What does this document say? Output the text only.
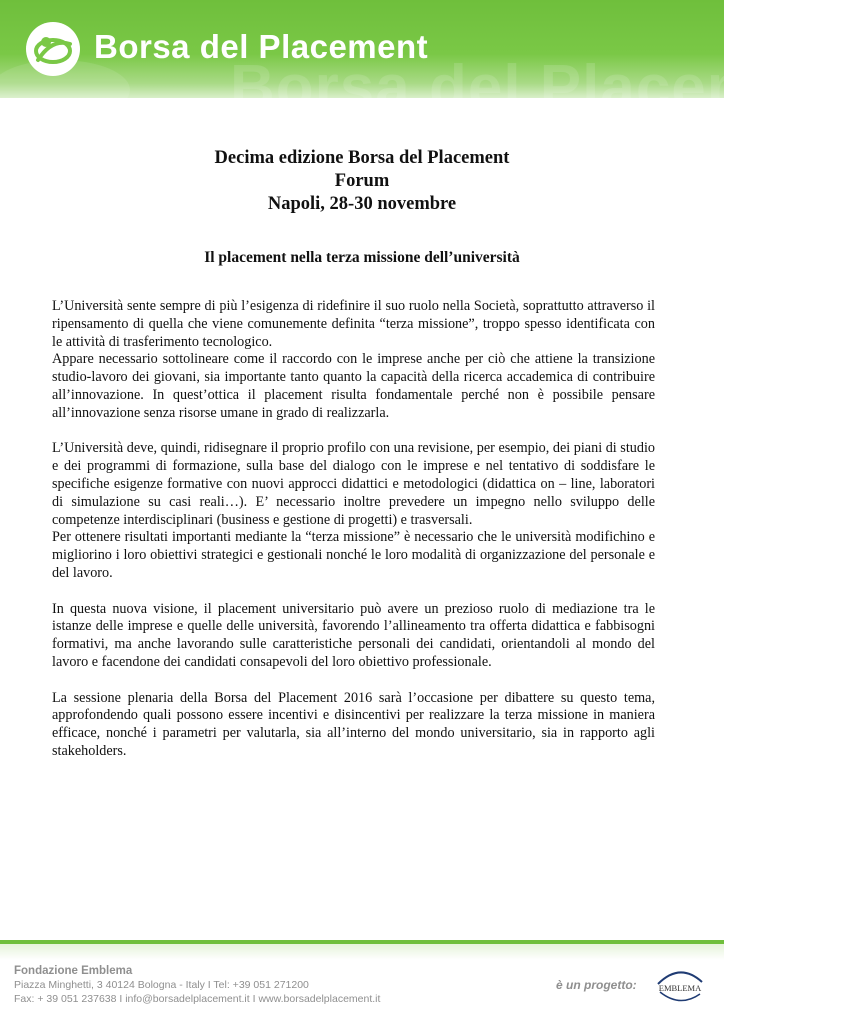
Borsa del Placement
Borsa del Placement
Decima edizione Borsa del Placement
Forum
Napoli, 28-30 novembre
Il placement nella terza missione dell’università

L’Università sente sempre di più l’esigenza di ridefinire il suo ruolo nella Società, soprattutto attraverso il ripensamento di quella che viene comunemente definita “terza missione”, troppo spesso identificata con le attività di trasferimento tecnologico.

Appare necessario sottolineare come il raccordo con le imprese anche per ciò che attiene la transizione studio-lavoro dei giovani, sia importante tanto quanto la capacità della ricerca accademica di contribuire all’innovazione. In quest’ottica il placement risulta fondamentale perché non è possibile pensare all’innovazione senza risorse umane in grado di realizzarla.

L’Università deve, quindi, ridisegnare il proprio profilo con una revisione, per esempio, dei piani di studio e dei programmi di formazione, sulla base del dialogo con le imprese e nel tentativo di soddisfare le specifiche esigenze formative con nuovi approcci didattici e metodologici (didattica on – line, laboratori di simulazione su casi reali…). E’ necessario inoltre prevedere un impegno nello sviluppo delle competenze interdisciplinari (business e gestione di progetti) e trasversali.

Per ottenere risultati importanti mediante la “terza missione” è necessario che le università modifichino e migliorino i loro obiettivi strategici e gestionali nonché le loro modalità di organizzazione del personale e del lavoro.

In questa nuova visione, il placement universitario può avere un prezioso ruolo di mediazione tra le istanze delle imprese e quelle delle università, favorendo l’allineamento tra offerta didattica e fabbisogni formativi, ma anche lavorando sulle caratteristiche personali dei candidati, orientandoli al mondo del lavoro e facendone dei candidati consapevoli del loro obiettivo professionale.

La sessione plenaria della Borsa del Placement 2016 sarà l’occasione per dibattere su questo tema, approfondendo quali possono essere incentivi e disincentivi per realizzare la terza missione in maniera efficace, nonché i parametri per valutarla, sia all’interno del mondo universitario, sia in rapporto agli stakeholders.

Fondazione Emblema
Piazza Minghetti, 3 40124 Bologna - Italy I Tel: +39 051 271200
Fax: + 39 051 237638 I info@borsadelplacement.it I www.borsadelplacement.it
è un progetto:	EMBLEMA
